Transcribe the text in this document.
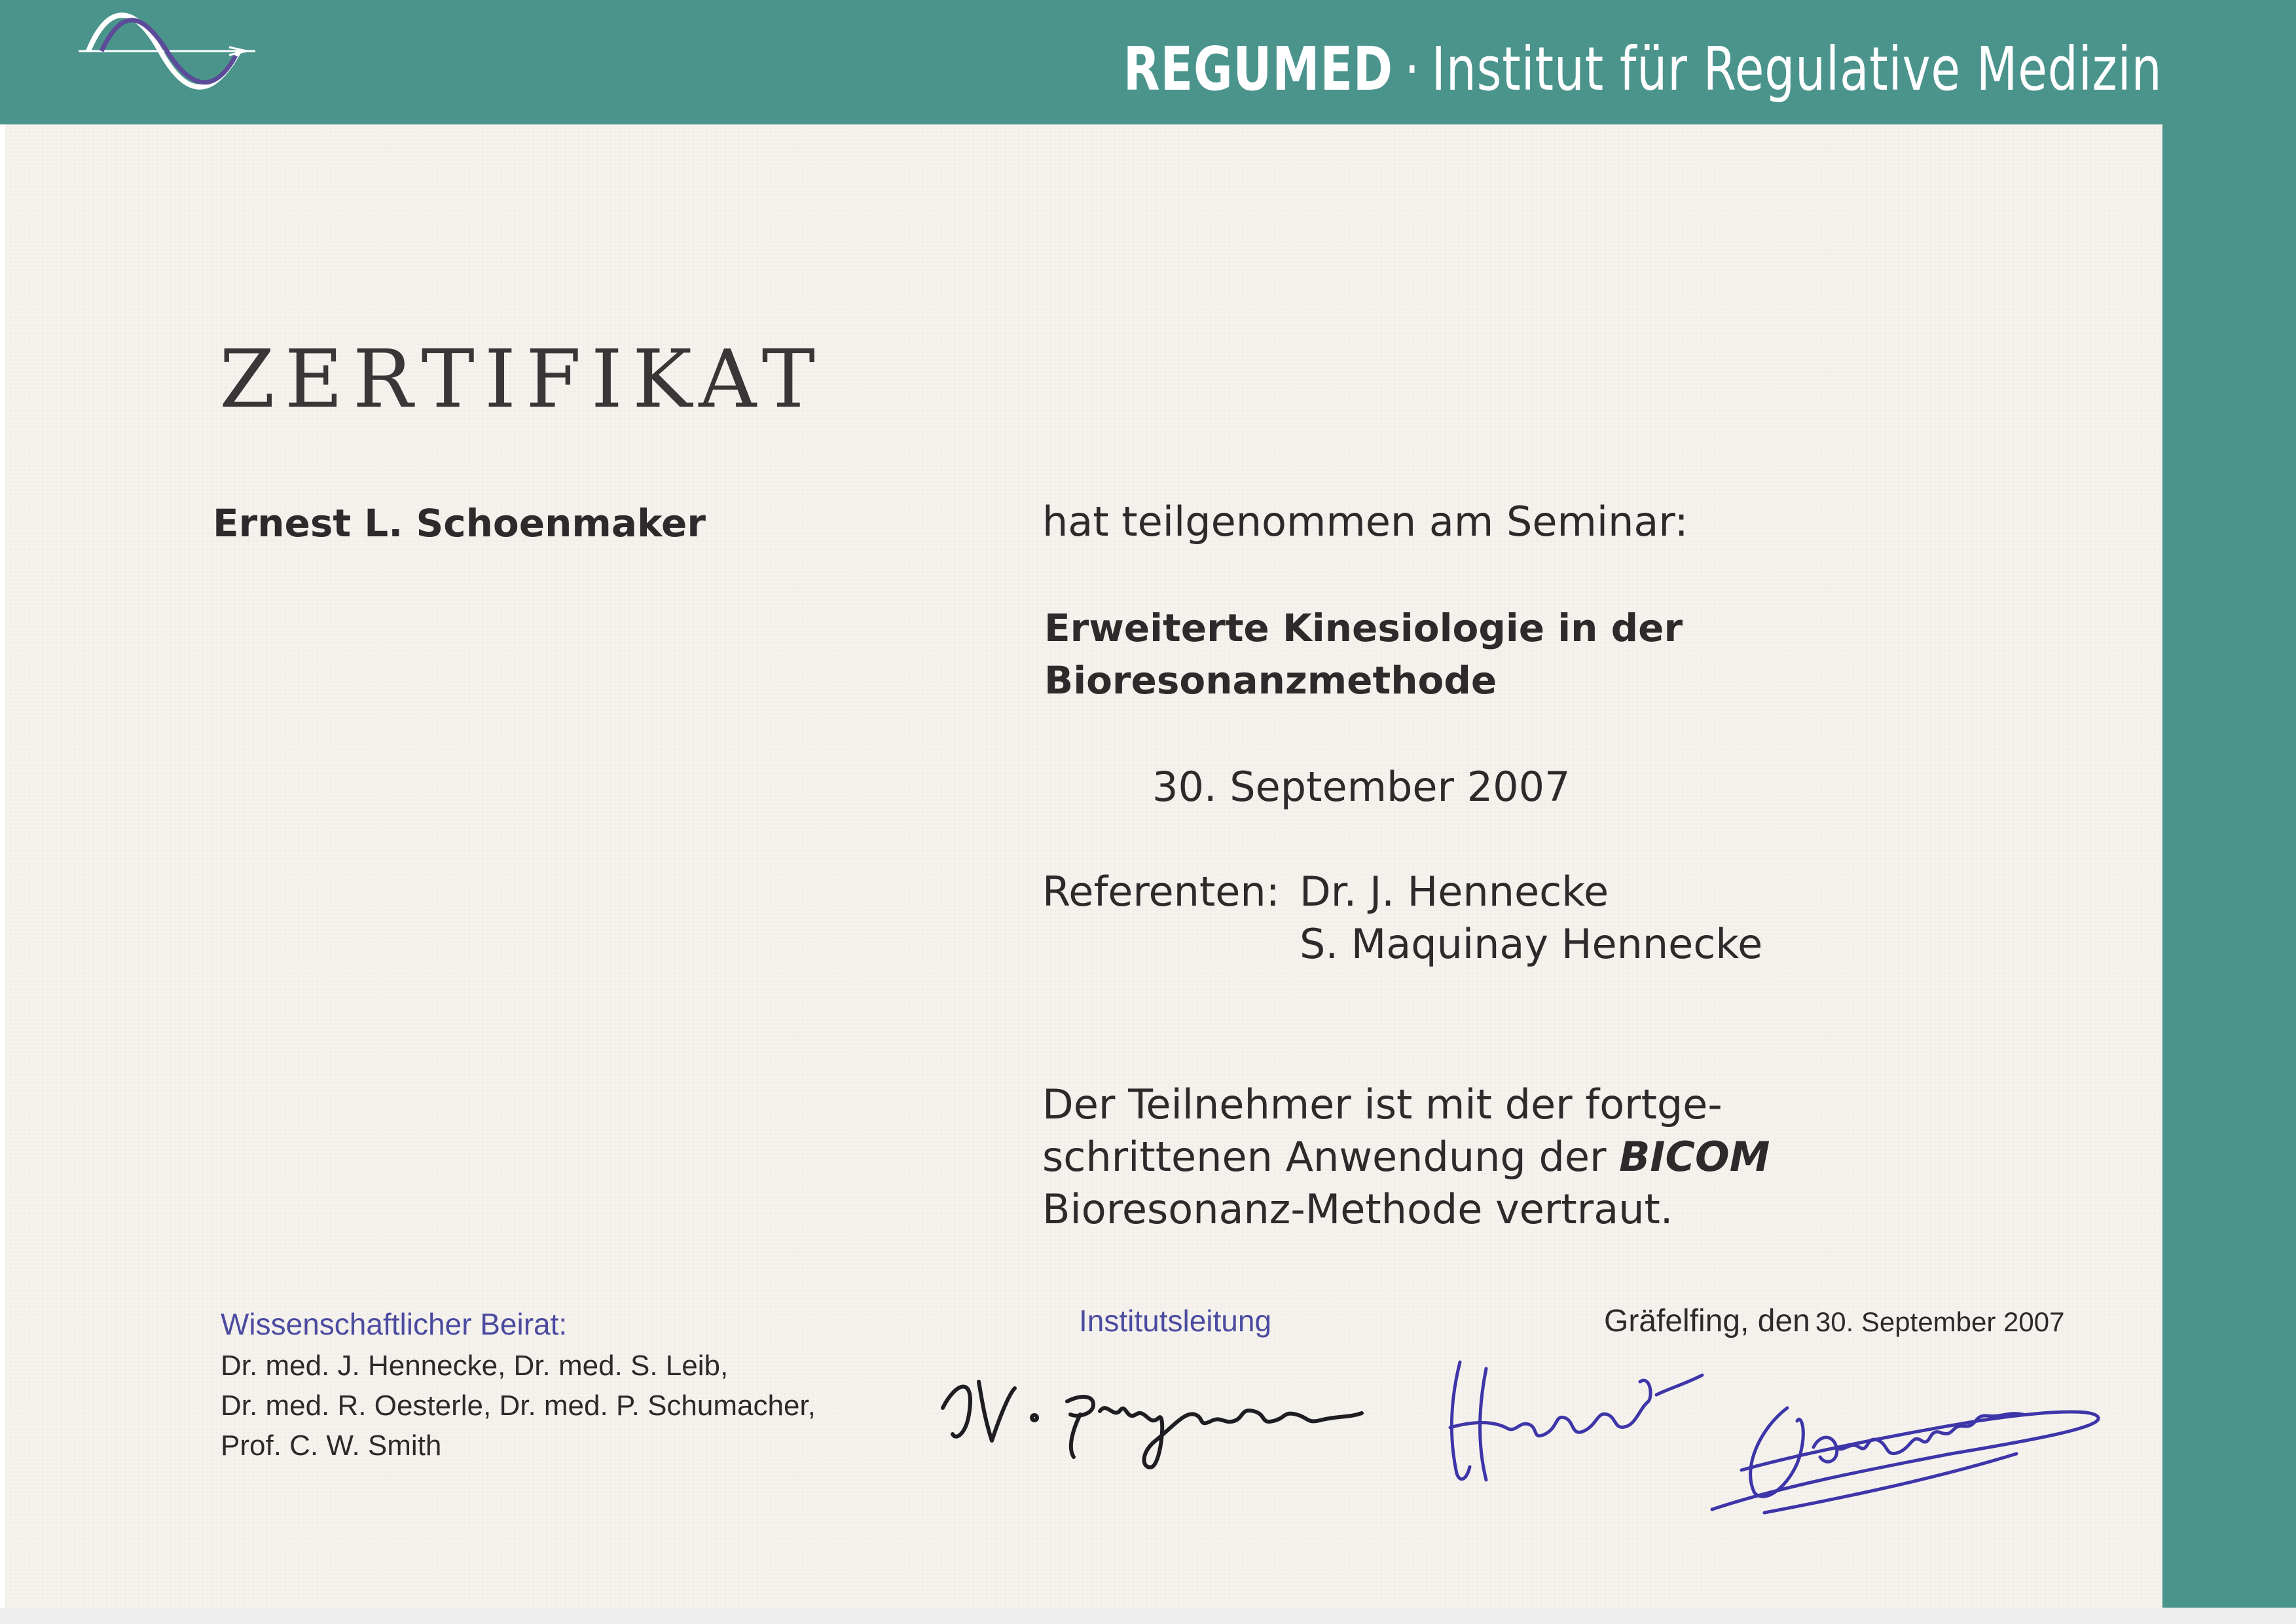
REGUMED · Institut für Regulative Medizin
ZERTIFIKAT
Ernest L. Schoenmaker	hat teilgenommen am Seminar:
Erweiterte Kinesiologie in der
Bioresonanzmethode
30. September 2007
Referenten: Dr. J. Hennecke
S. Maquinay Hennecke
Der Teilnehmer ist mit der fortge-
schrittenen Anwendung der BICOM
Bioresonanz-Methode vertraut.
Wissenschaftlicher Beirat:
Dr. med. J. Hennecke, Dr. med. S. Leib,
Dr. med. R. Oesterle, Dr. med. P. Schumacher,
Prof. C. W. Smith
Institutsleitung	Gräfelfing, den 30. September 2007
